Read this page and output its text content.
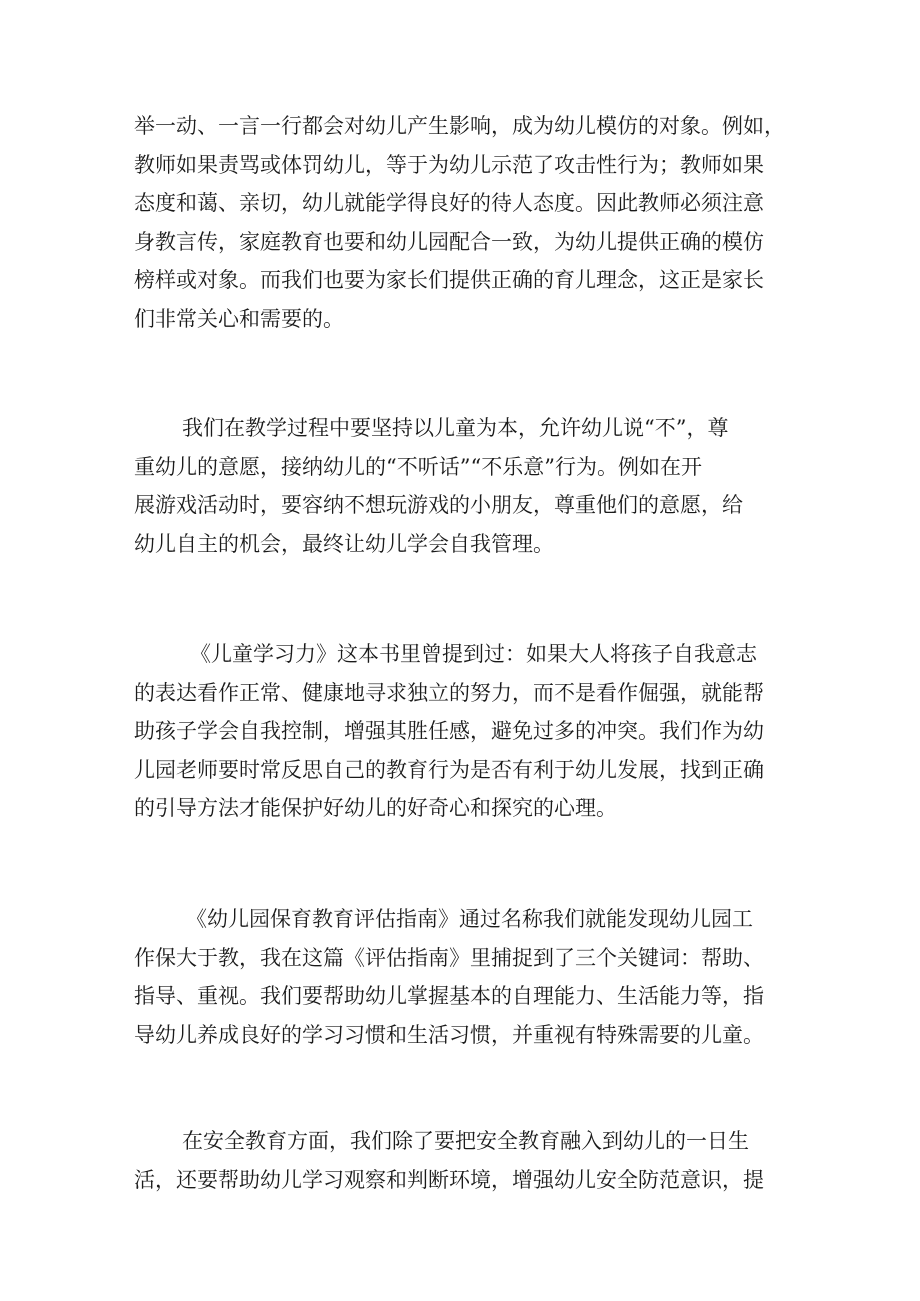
举一动、一言一行都会对幼儿产生影响，成为幼儿模仿的对象。例如，
教师如果责骂或体罚幼儿，等于为幼儿示范了攻击性行为；教师如果
态度和蔼、亲切，幼儿就能学得良好的待人态度。因此教师必须注意
身教言传，家庭教育也要和幼儿园配合一致，为幼儿提供正确的模仿
榜样或对象。而我们也要为家长们提供正确的育儿理念，这正是家长
们非常关心和需要的。
我们在教学过程中要坚持以儿童为本，允许幼儿说“不”，尊
重幼儿的意愿，接纳幼儿的“不听话”“不乐意”行为。例如在开
展游戏活动时，要容纳不想玩游戏的小朋友，尊重他们的意愿，给
幼儿自主的机会，最终让幼儿学会自我管理。
《儿童学习力》这本书里曾提到过：如果大人将孩子自我意志
的表达看作正常、健康地寻求独立的努力，而不是看作倔强，就能帮
助孩子学会自我控制，增强其胜任感，避免过多的冲突。我们作为幼
儿园老师要时常反思自己的教育行为是否有利于幼儿发展，找到正确
的引导方法才能保护好幼儿的好奇心和探究的心理。
《幼儿园保育教育评估指南》通过名称我们就能发现幼儿园工
作保大于教，我在这篇《评估指南》里捕捉到了三个关键词：帮助、
指导、重视。我们要帮助幼儿掌握基本的自理能力、生活能力等，指
导幼儿养成良好的学习习惯和生活习惯，并重视有特殊需要的儿童。
在安全教育方面，我们除了要把安全教育融入到幼儿的一日生
活，还要帮助幼儿学习观察和判断环境，增强幼儿安全防范意识，提
